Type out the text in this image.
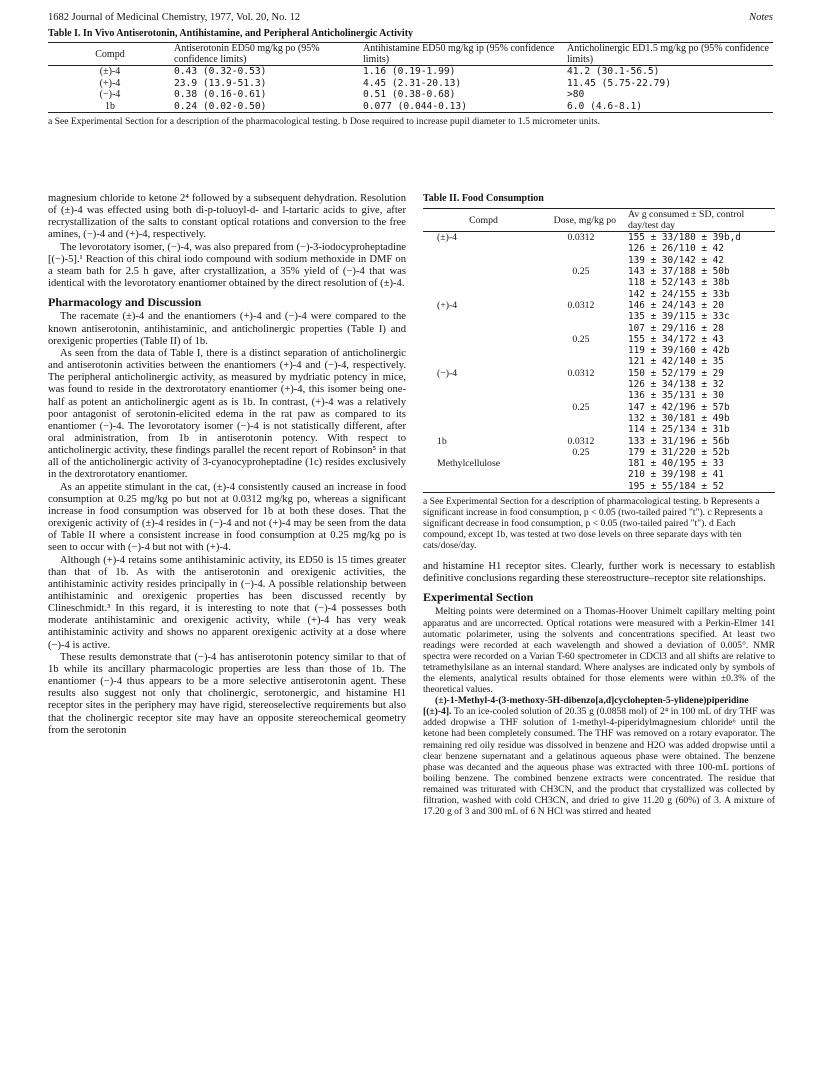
1682 Journal of Medicinal Chemistry, 1977, Vol. 20, No. 12	Notes
Table I. In Vivo Antiserotonin, Antihistamine, and Peripheral Anticholinergic Activity
Compd	Antiserotonin ED50 mg/kg po (95% confidence limits)	Antihistamine ED50 mg/kg ip (95% confidence limits)	Anticholinergic ED1.5 mg/kg po (95% confidence limits)
(±)-4	0.43 (0.32-0.53)	1.16 (0.19-1.99)	41.2 (30.1-56.5)
(+)-4	23.9 (13.9-51.3)	4.45 (2.31-20.13)	11.45 (5.75-22.79)
(−)-4	0.38 (0.16-0.61)	0.51 (0.38-0.68)	>80
1b	0.24 (0.02-0.50)	0.077 (0.044-0.13)	6.0 (4.6-8.1)
a See Experimental Section for a description of the pharmacological testing. b Dose required to increase pupil diameter to 1.5 micrometer units.

magnesium chloride to ketone 2⁴ followed by a subsequent dehydration. Resolution of (±)-4 was effected using both di-p-toluoyl-d- and l-tartaric acids to give, after recrystallization of the salts to constant optical rotations and conversion to the free amines, (−)-4 and (+)-4, respectively.

The levorotatory isomer, (−)-4, was also prepared from (−)-3-iodocyproheptadine [(−)-5].¹ Reaction of this chiral iodo compound with sodium methoxide in DMF on a steam bath for 2.5 h gave, after crystallization, a 35% yield of (−)-4 that was identical with the levorotatory enantiomer obtained by the direct resolution of (±)-4.

Pharmacology and Discussion

The racemate (±)-4 and the enantiomers (+)-4 and (−)-4 were compared to the known antiserotonin, antihistaminic, and anticholinergic properties (Table I) and orexigenic properties (Table II) of 1b.

As seen from the data of Table I, there is a distinct separation of anticholinergic and antiserotonin activities between the enantiomers (+)-4 and (−)-4, respectively. The peripheral anticholinergic activity, as measured by mydriatic potency in mice, was found to reside in the dextrorotatory enantiomer (+)-4, this isomer being one-half as potent an anticholinergic agent as is 1b. In contrast, (+)-4 was a relatively poor antagonist of serotonin-elicited edema in the rat paw as compared to its enantiomer (−)-4. The levorotatory isomer (−)-4 is not statistically different, after oral administration, from 1b in antiserotonin potency. With respect to anticholinergic activity, these findings parallel the recent report of Robinson⁵ in that all of the anticholinergic activity of 3-cyanocyproheptadine (1c) resides exclusively in the dextrorotatory enantiomer.

As an appetite stimulant in the cat, (±)-4 consistently caused an increase in food consumption at 0.25 mg/kg po but not at 0.0312 mg/kg po, whereas a significant increase in food consumption was observed for 1b at both these doses. That the orexigenic activity of (±)-4 resides in (−)-4 and not (+)-4 may be seen from the data of Table II where a consistent increase in food consumption at 0.25 mg/kg po is seen to occur with (−)-4 but not with (+)-4.

Although (+)-4 retains some antihistaminic activity, its ED50 is 15 times greater than that of 1b. As with the antiserotonin and orexigenic activities, the antihistaminic activity resides principally in (−)-4. A possible relationship between antihistaminic and orexigenic properties has been discussed recently by Clineschmidt.³ In this regard, it is interesting to note that (−)-4 possesses both moderate antihistaminic and orexigenic activity, while (+)-4 has very weak antihistaminic activity and shows no apparent orexigenic activity at a dose where (−)-4 is active.

These results demonstrate that (−)-4 has antiserotonin potency similar to that of 1b while its ancillary pharmacologic properties are less than those of 1b. The enantiomer (−)-4 thus appears to be a more selective antiserotonin agent. These results also suggest not only that cholinergic, serotonergic, and histamine H1 receptor sites in the periphery may have rigid, stereoselective requirements but also that the cholinergic receptor site may have an opposite stereochemical geometry from the serotonin

Table II. Food Consumption
Compd	Dose, mg/kg po	Av g consumed ± SD, control day/test day
(±)-4	0.0312	155 ± 33/180 ± 39b,d
		126 ± 26/110 ± 42
		139 ± 30/142 ± 42
	0.25	143 ± 37/188 ± 50b
		118 ± 52/143 ± 38b
		142 ± 24/155 ± 33b
(+)-4	0.0312	146 ± 24/143 ± 20
		135 ± 39/115 ± 33c
		107 ± 29/116 ± 28
	0.25	155 ± 34/172 ± 43
		119 ± 39/160 ± 42b
		121 ± 42/140 ± 35
(−)-4	0.0312	150 ± 52/179 ± 29
		126 ± 34/138 ± 32
		136 ± 35/131 ± 30
	0.25	147 ± 42/196 ± 57b
		132 ± 30/181 ± 49b
		114 ± 25/134 ± 31b
1b	0.0312	133 ± 31/196 ± 56b
	0.25	179 ± 31/220 ± 52b
Methylcellulose		181 ± 40/195 ± 33
		210 ± 39/198 ± 41
		195 ± 55/184 ± 52
a See Experimental Section for a description of pharmacological testing. b Represents a significant increase in food consumption, p < 0.05 (two-tailed paired "t"). c Represents a significant decrease in food consumption, p < 0.05 (two-tailed paired "t"). d Each compound, except 1b, was tested at two dose levels on three separate days with ten cats/dose/day.

and histamine H1 receptor sites. Clearly, further work is necessary to establish definitive conclusions regarding these stereostructure–receptor site relationships.

Experimental Section

Melting points were determined on a Thomas-Hoover Unimelt capillary melting point apparatus and are uncorrected. Optical rotations were measured with a Perkin-Elmer 141 automatic polarimeter, using the solvents and concentrations specified. At least two readings were recorded at each wavelength and showed a deviation of 0.005°. NMR spectra were recorded on a Varian T-60 spectrometer in CDCl3 and all shifts are relative to tetramethylsilane as an internal standard. Where analyses are indicated only by symbols of the elements, analytical results obtained for those elements were within ±0.3% of the theoretical values.

(±)-1-Methyl-4-(3-methoxy-5H-dibenzo[a,d]cyclohepten-5-ylidene)piperidine [(±)-4]. To an ice-cooled solution of 20.35 g (0.0858 mol) of 2⁴ in 100 mL of dry THF was added dropwise a THF solution of 1-methyl-4-piperidylmagnesium chloride⁶ until the ketone had been completely consumed. The THF was removed on a rotary evaporator. The remaining red oily residue was dissolved in benzene and H2O was added dropwise until a clear benzene supernatant and a gelatinous aqueous phase were obtained. The benzene phase was decanted and the aqueous phase was extracted with three 100-mL portions of boiling benzene. The combined benzene extracts were concentrated. The residue that remained was triturated with CH3CN, and the product that crystallized was collected by filtration, washed with cold CH3CN, and dried to give 11.20 g (60%) of 3. A mixture of 17.20 g of 3 and 300 mL of 6 N HCl was stirred and heated
